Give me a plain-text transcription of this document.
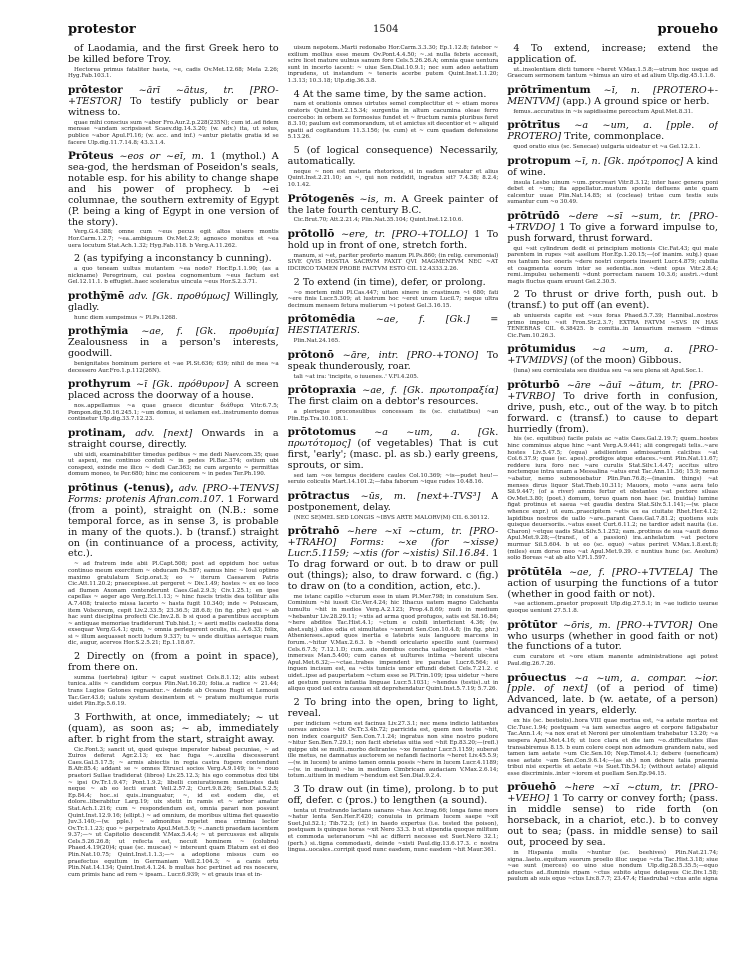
protestor	1504	proueho
of Laodamia, and the first Greek hero to be killed before Troy.
Hectorea primus fataliter hasta, ~e, cadis Ov.Met.12.68; Mela 2.26; Hyg.Fab.103.1.
prōtestor ~ārī ~ātus, tr. [PRO-+TESTOR] To testify publicly or bear witness to.
quae mihi conscius sum ~abor Fro.Aur.2.p.228(235N); cum id..ad fidem mensae ~andam scripsisset Scaev.dig.14.3.20; (w. adv.) ita, ut solus, publice ~abor Apul.Fl.16; (w. acc. and inf.) ~antur pietatis gratia id se facere Ulp.dig.11.7.14.8; 43.3.1.4.
Prōteus ~eos or ~eī, m. 1 (mythol.) A sea-god, the herdsman of Poseidon's seals, notable esp. for his ability to change shape and his power of prophecy. b ~ei columnae, the southern extremity of Egypt (P. being a king of Egypt in one version of the story).
Verg.G.4.388; omne cum ~eus pecus egit altos uisere montis Hor.Carm.1.2.7; ~ea..ambiguum Ov.Met.2.9; agnosco monitus et ~ea uera locutum Stat.Ach.1.32; Hyg.Fab.118. b Verg.A.11.262.
2 (as typifying a inconstancy b cunning).
a quo teneam uultus mutantem ~ea nodo? Hor.Ep.1.1.90; (as a nickname) Peregrinum, cui postea cognomentum ~eus factum est Gel.12.11.1. b effugiet..haec sceleratus uincula ~eus Hor.S.2.3.71.
prothȳmē adv. [Gk. προθύμως] Willingly, gladly.
hunc diem sumpsimus ~ Pl.Ps.1268.
prothȳmia ~ae, f. [Gk. προθυμία] Zealousness in a person's interests, goodwill.
benignitates hominum periere et ~ae Pl.St.636; 639; nihil de mea ~a decessero Aur.Fro.1.p.112(26N).
prothyrum ~ī [Gk. πρόθυρον] A screen placed across the doorway of a house.
nos..appellamus ~a quae graece dicuntur διάθυρα Vitr.6.7.5; Pompon.dig.50.16.245.1; ~um domus, si uelamen est..instrumento domus continetur Ulp.dig.33.7.12.23.
protinam, adv. [next] Onwards in a straight course, directly.
ubi uidi, examinabiliter timedus pedibus ~ me dedi Naev.com.35; quae ut aspexi, me continuo contuli ~ in pedes Pl.Bac.374; ostium ubi conspexi, exinde me ilico ~ dedi Car.363; ne cum argento ~ permittas domum moneo, te Per.680; hinc me conicerem ~ in pedes Ter.Ph.190.
prōtinus (-tenus), adv. [PRO-+TENVS] Forms: protenis Afran.com.107. 1 Forward (from a point), straight on (N.B.: some temporal force, as in sense 3, is probable in many of the quots.). b (transf.) straight on (in continuance of a process, activity, etc.).
~ ad fratrem inde abii Pl.Capt.508; post ad oppidum hoc uetus continuo meum exercitum ~ obducam Ps.587; eamus hinc ~ Ioui optimo maximo gratulatum Scip.orat.3; eo ~ iterum Caesarem Patris Cic.Att.11.20.2; praecepisse..ut pergeret ~ Div.1.49; hostes ~ ex eo loco ad flumen Axonam contenderunt Caes.Gal.2.9.3; Civ.1.25.1; en ipse capellas ~ aeger ago Verg.Ecl.1.13; ~ hinc fuscis tristis dea tollitur alis A.7.408; traiecto missa lacerto ~ hasta fugit 10.340; inde ~ Poluscam, item Volscorum, cepit Liv.2.33.5; 23.36.5; 28.6.8; (in fig. phr.) qui ~ ab hac sunt disciplina profecti Cic.Inv.2.8. b si quod a parentibus acceptum ~ antiquae memoriae tradiderunt Tub.hist.1; ~ aerii mellis caelestia dona exsequar Verg.G.4.1; quin, ~ omnia perlegerent oculis, ni.. A.6.33; felix, si ~ illum aequasset nocti ludum 9.337; tu ~ unde diuitias aerisque ruam dic, augur, acervos Hor.S.2.5.21; Ep.1.18.67.
2 Directly on (from a point in space), from there on.
summa (uertebra) igitur ~ caput sustinet Cels.8.1.12; aliis subest tunica..aliis ~ candidum corpus Plin.Nat.16.20; folia..a radice ~ 21.44; trans Lugios Gotones regnantur..~ deinde ab Oceano Rugii et Lemouii Tac.Ger.43.6; ualuis xystum desinentem et ~ pratum multumque ruris uidet Plin.Ep.5.6.19.
3 Forthwith, at once, immediately; ~ ut (quam), as soon as; ~ ab, immediately after. b right from the start, straight away.
Cic.Font.3; sancit ut, quod quisque imperator habeat pecuniae, ~ ad Ξuiros deferat Agr.2.13; ex hac fuga ~..auxilia discesserunt Caes.Gal.5.17.5; ~ armis abiectis in regia castra fugere contendunt B.Afr.85.4; addant se ~ omnes Etrusci socios Verg.A.9.149; is ~ nouo praetori Sullae tradiderat (libros) Liv.25.12.3; his ego commotus dixi tibi ~ ipsi Ov.Tr.1.9.47; Pont.1.9.2; libelli coniurationem nuntiantes dati neque ~ ab eo lecti erant Vell.2.57.2; Curt.9.8.26; Sen.Dial.5.2.5; Ep.84.4; hoc..si quis..inunguatur, ~, id est eodem die, et dolore..liberabitur Larg.19; uix stetit in ramis et ~ arbor amatur Stat.Ach.1.216; cum ~ respondendum est, omnia parari non possunt Quint.Inst.12.9.16; (ellipt.) ~ ad omnium, de moribus ultima fiet quaestio Juv.3.140;—(w. pple.) ~ admonitus repetet mea crimina lector Ov.Tr.1.1.23; quo ~ perpetrato Apul.Met.5.9; ~..nancti praedam iacentem 9.37;—~ ut Capitolio descendit V.Max.5.4.4; ~ ut percussus est aliquis Cels.5.26.26.8; ut refecta est, necuit hominem ~ (colubra) Phaed.4.19(20)4; quae (sc. muscae) ~ intereunt quam Etatum est ei deo Plin.Nat.10.75; Quint.Inst.1.1.3;—~ a adoptione missus cum eo praefectus equitum in Germaniam Vell.2.104.3; ~ a canis ortu Plin.Nat.14.134; Quint.Inst.4.1.24. b multas hoc pertinet ad res noscere, cum primis hanc ad rem ~ ipsam.. Lucr.6.939; ~ et grauis iras et in-
uisum nepotem..Marti redonabo Hor.Carm.3.3.30; Ep.1.12.8; fatebor ~ exilium mollius esse meum Ov.Pont.4.4.50; ~..si nulla febris accessit, scire licet mature uulnus sanum fore Cels.5.26.26.A; omnia quae uentura sunt in incerto iacent: ~ uiue Sen.Dial.10.9.1; nec sum adeo aetatium inprudens, ut instandum ~ teneris acerbe putem Quint.Inst.1.1.20; 1.3.13; 10.3.18; Ulp.dig.36.3.8.
4 At the same time, by the same action.
nam et orationis omnes uirtutes semel complectitur et ~ etiam mores oratoris Quint.Inst.2.15.34; surgentia in altum cacumina oleae ferro coercebo: in orbem se formosius fundet et ~ fructum ramis pluribus feret 8.3.10; paulum est commorandum, ut et amictus sit decentior et ~ aliquid spatii ad cogitandum 11.3.156; (w. cum) et ~ cum quadam defensione 5.13.26.
5 (of logical consequence) Necessarily, automatically.
neque ~ non est materia rhetorices, si in eadem uersatur et alius Quint.Inst.2.21.10; an ~, qui non reddidit, ingratus sit? 7.4.38; 8.2.4; 10.1.42.
Prōtogenēs ~is, m. A Greek painter of the late fourth century B.C.
Cic.Brut.70; Att.2.21.4; Plin.Nat.35.104; Quint.Inst.12.10.6.
prōtollō ~ere, tr. [PRO-+TOLLO] 1 To hold up in front of one, stretch forth.
manum, si ~et, pariter proferto manum Pl.Ps.860; (in relig. ceremonial) SIVE QVIS HOSTIA SACRVM FAXIT QVI MAGMENTVM NEC ~AT IDCIRCO TAMEN PROBE FACTVM ESTO CIL 12.4333.2.26.
2 To extend (in time), defer, or prolong.
~o mortem mihi Pl.Cas.447; uitam sinere in crastinum ~i 680; fati ~ere finis Lucr.5.309; at lustrum hoc ~eret unum Lucil.7; neque ultra decimum mensem fetura mulierum ~i potest Gel.3.16.15.
prōtomēdia ~ae, f. [Gk.] = HESTIATERIS.
Plin.Nat.24.165.
prōtonō ~āre, intr. [PRO-+TONO] To speak thunderously, roar.
tali ~at ira: 'incipite, o iuuenes..' V.Fl.4.205.
prōtopraxia ~ae, f. [Gk. πρωτοπραξία] The first claim on a debtor's resources.
a plerisque proconsulibus concessam iis (sc. ciuitatibus) ~an Plin.Ep.Tra.10.108.1.
prōtotomus ~a ~um, a. [Gk. πρωτότομος] (of vegetables) That is cut first, 'early'; (masc. pl. as sb.) early greens, sprouts, or sim.
sed iam ~os tempus decidere caules Col.10.369; ~is—pudet heu!—seruio coliculis Mart.14.101.2;—faba faborum ~ique rudes 10.48.16.
prōtractus ~ūs, m. [next+-TVS³] A postponement, delay.
(NEC SE)MEL SED LONGIS ~IBVS ARTE MALORV(M) CIL 6.30112.
prōtrahō ~here ~xī ~ctum, tr. [PRO-+TRAHO] Forms: ~xe (for ~xisse) Lucr.5.1159; ~xtis (for ~xistis) Sil.16.84. 1 To drag forward or out. b to draw or pull out (things); also, to draw forward. c (fig.) to draw on (to a condition, action, etc.).
me istanc capillo ~cturum esse in uiam Pl.Mer.798; in consiuium Sex. Cominium ~hi iussit Cic.Ver.4.24; hic Ithacus uatem magno Calchanta tumultu ~hit in medios Verg.A.2.123; Prop.4.8.69; nudi in medium ~hebantur Liv.28.29.11; ~xtis ad arma quod profugos, satis est Sil.16.84; ~here abditos Tac.Hist.4.1; ~ctum e cubili interficiunt 4.36; (w. abst.subj.) alios odia et simultates ~xerunt Sen.Con.10.4.8; (in fig. phr.) Athenienses..apud quos inertia e latebris suis languore marcens in forum..~hitur V.Max.2.6.3. b ~hendi oriculario specillo sunt (uermes) Cels.6.7.5; 7.12.1.D; cum..suis domibus concha ualloque latentis ~het inmersus Man.5.400; cum canes et uultures intima ~herent uiscera Apul.Met.6.32;—~ctae..trabes impendent ire paratae Lucr.6.564; si inguen incisum est, ea ~ctis tunicis umor effundi debet Cels.7.21.2. c uidet..ipse ad paupertatem ~ctum esse se Pl.Trin.109; ipsa uidetur ~here ad gestum pueros infantia linguae Lucr.5.1031; ~hendus (testis)..ut in aliquo quod uel extra causam sit deprehendatur Quint.Inst.5.7.19; 5.7.26.
2 To bring into the open, bring to light, reveal.
per indicium ~ctum est facinus Liv.27.3.1; nec mens indicio latitantes uersus amicos ~hit Ov.Tr.3.4b.72; parricida est, quem non testis ~hit, non index coarguit? Sen.Con.7.1.24; ingratus non sine nostro pudore ~hitur Sen.Ben.7.29.1; non facit ebrietas uitia sed ~hit Ep.83.20;—(refl.) quippe ubi se multi..morbo delirantes ~xe ferantur Lucr.5.1159; suberat ille metus, ne damnatus auctorem se nefandi facinoris ~heret Liv.45.5.9;—(w. in lucem) te animo tamen omnia possis ~here in lucem Lucr.4.1189;—(w. in medium) ~he in medium Cimbricam audaciam V.Max.2.6.14; totum..uitium in medium ~hendum est Sen.Dial.9.2.4.
3 To draw out (in time), prolong. b to put off, defer. c (pros.) to lengthen (a sound).
tenta ut frustrando lactans uanans ~has Acc.trag.66; longa fame mors ~hatur lenta Sen.Her.F.420; conuiuia in primam lucem saepe ~xit Suet.Jul.52.1; Tib.72.3; (cf.) in haedo expertus (i.e. tested the poison), postquam is quinque horas ~xit Nero 33.3. b ut stipendia quoque militum et commoda ueteranorum ~hi ac differri necesse est Suet.Nero 32.1; (perh.) si..tigna commodasti, deinde ~xisti Paul.dig.13.6.17.3. c nostra lingua..uocales..corripit quod nunc easdem, nunc easdem ~hit Maur.361.
4 To extend, increase; extend the application of.
ut..insolentiam dicti tumore ~heret V.Max.1.5.8;—utrum hoc usque ad Graecum sermonem tantum ~himus an uiro et ad alium Ulp.dig.45.1.1.6.
prōtrīmentum ~ī, n. [PROTERO+-MENTVM] (app.) A ground spice or herb.
femus..accuratius in ~is sapidissime percoctum Apul.Met.8.31.
prōtrītus ~a ~um, a. [pple. of PROTERO] Trite, commonplace.
quod oratio eius (sc. Senecae) uulgaria uideatur et ~a Gel.12.2.1.
protropum ~ī, n. [Gk. πρότροπος] A kind of wine.
insula Lesbo uinum ~um..procreari Vitr.8.3.12; inter haec genera poni debet et ~um; ita appellatur..mustum sponte defluens ante quam calcentur uuae Plin.Nat.14.85; si (cocleae) tritae cum testis suis sumantur cum ~o 30.49.
prōtrūdō ~dere ~sī ~sum, tr. [PRO-+TRVDO] 1 To give a forward impulse to, push forward, thrust forward.
qui ~sit cylindrum dedit ei principium motionis Cic.Fat.43; qui male parentem in rupes ~sit asellum Hor.Ep.1.20.15;—(of inanim. subj.) quae res tantum hoc oneris ~dere nostri corporis insuerit Lucr.4.879; cubilia et coagmenta eorum inter se sedentia..non ~dent opus Vitr.2.8.4; remi..impulsu uehementi ~dunt porrectam nauem 10.3.6; austri..~dunt magis fluctus quam eruunt Gel.2.30.5.
2 To thrust or drive forth, push out. b (transf.) to put off (an event).
ab uniuersis capite est ~sus foras Phaed.5.7.39; Hannibal..nostros primo impetu ~sit Fron.Str.2.3.7; EXTRA FATVM ~SVS IN HAS TENEBRAS CIL 6.38425. b comitia..in Ianuarium mensem ~dimus Cic.Fam.10.26.3.
prōtumidus ~a ~um, a. [PRO-+TVMIDVS] (of the moon) Gibbous.
(luna) seu corniculata seu diuidua seu ~a seu plena sit Apul.Soc.1.
prōturbō ~āre ~āuī ~ātum, tr. [PRO-+TVRBO] To drive forth in confusion, drive, push, etc., out of the way. b to pitch forward. c (transf.) to cause to depart hurriedly (from).
his (sc. equitibus) facile pulsis ac ~atis Caes.Gal.2.19.7; quem..hostes hinc comminus atque hinc ~ant Verg.A.9.441; alii congregati telis..~are hostes Liv.5.47.5; (equa) adsilientem admissarium calcibus ~at Col.6.37.9; quae (sc. apes)..prodigos atque edaces..~ent Plin.Nat.11.67; reddere iura foro nec ~are curulis Stat.Silv.1.4.47; accitus ultro noctemque intra unam a Messalina ~atus erat Tac.Ann.11.36; 15.9; nemo ~abatur, nemo submouebatur Plin.Pan.76.8;—(inanim. things) ~at menses dirus liquor Stat.Theb.10.311; Mauors, moto ~ans aera telo Sil.9.447; (of a river) amnis fertur et obstantes ~at pectore siluas Ov.Met.3.80; (poet.) domum, toruo quam non haec (sc. Inuidia) lumine figat protinus et saeua ~et gaudia dextra Stat.Silv.5.1.141;—(w. place whence expr.) ut eum..praecipitem ~etis ex ea ciuitate Rhet.Her.4.12; lapidibus nostros de uallo ~are..parant Caes.Gal.7.81.2; quotiens suis quisque deuersoriis..~atus esset Curt.6.11.2; ne tardior adsit nauita (i.e. Charon) ~etque uadis Stat.Silv.5.1.252; eam..protinus de sua ~auit domo Apul.Met.9.28;—(transf., of a passion) ira..anhelatum ~at pectore murmur Sil.5.604. b ut eo (sc. equo) ~atus periret V.Max.1.8.ext.8; (miles) eum dorso meo ~at Apul.Met.9.39. c nuntius hunc (sc. Aeolum) solio Boreas ~at ab alto V.Fl.1.597.
prōtūtēla ~ae, f. [PRO-+TVTELA] The action of usurping the functions of a tutor (whether in good faith or not).
~ae actionem..praetor proposuit Ulp.dig.27.5.1; in ~ae iudicio usurae quoque ueniunt 27.5.1.8.
prōtūtor ~ōris, m. [PRO-+TVTOR] One who usurps (whether in good faith or not) the functions of a tutor.
cum curatore et ~ore etiam manente administratione agi potest Paul.dig.26.7.26.
prōuectus ~a ~um, a. compar. ~ior. [pple. of next] (of a period of time) Advanced, late. b (w. aetate, of a person) advanced in years, elderly.
ex his (sc. bestiolis)..hora VIII quae mortua est, ~a aetate mortua est Cic.Tusc.1.94; postquam ~a iam senectus aegro et corpore fatigabatur Tac.Ann.1.4; ~a nox erat et Neroni per uinolentiam trahebatur 13.20; ~a uespera Apul.Met.4.16; ut luce clara et die iam ~o..difficultates illas transabiremus 8.15. b eum colere coepi non admodum grandem natu, sed tamen iam aetate ~um Cic.Sen.10; Nep.Timol.4.1; debere (ueneficam) esse aetate ~am Sen.Con.9.6.14;—(as sb.) non debere talia praemia tribui nisi expertis et aetate ~is Suet.Tib.54.1; (without aetate) aliquid esse discriminis..inter ~iorem et puellam Sen.Ep.94.15.
prōuehō ~here ~xī ~ctum, tr. [PRO-+VEHO] 1 To carry or convey forth; (pass. in middle sense) to ride forth (on horseback, in a chariot, etc.). b to convey out to sea; (pass. in middle sense) to sail out, proceed by sea.
in Hispania mulis ~huntur (sc. beehives) Plin.Nat.21.74; signa..laeto..equitum suorum proelio illuc usque ~cta Tac.Hist.3.18; siue ~ae sunt (merces) eo uino siue nondum Ulp.dig.28.5.35.5;—equo aduectus ad..fluminis ripam ~ctus subito atque delapsus Cic.Div.1.58; paulum ab suis equo ~ctus Liv.8.7.7; 23.47.4; Hasdrubal ~ctus ante signa
